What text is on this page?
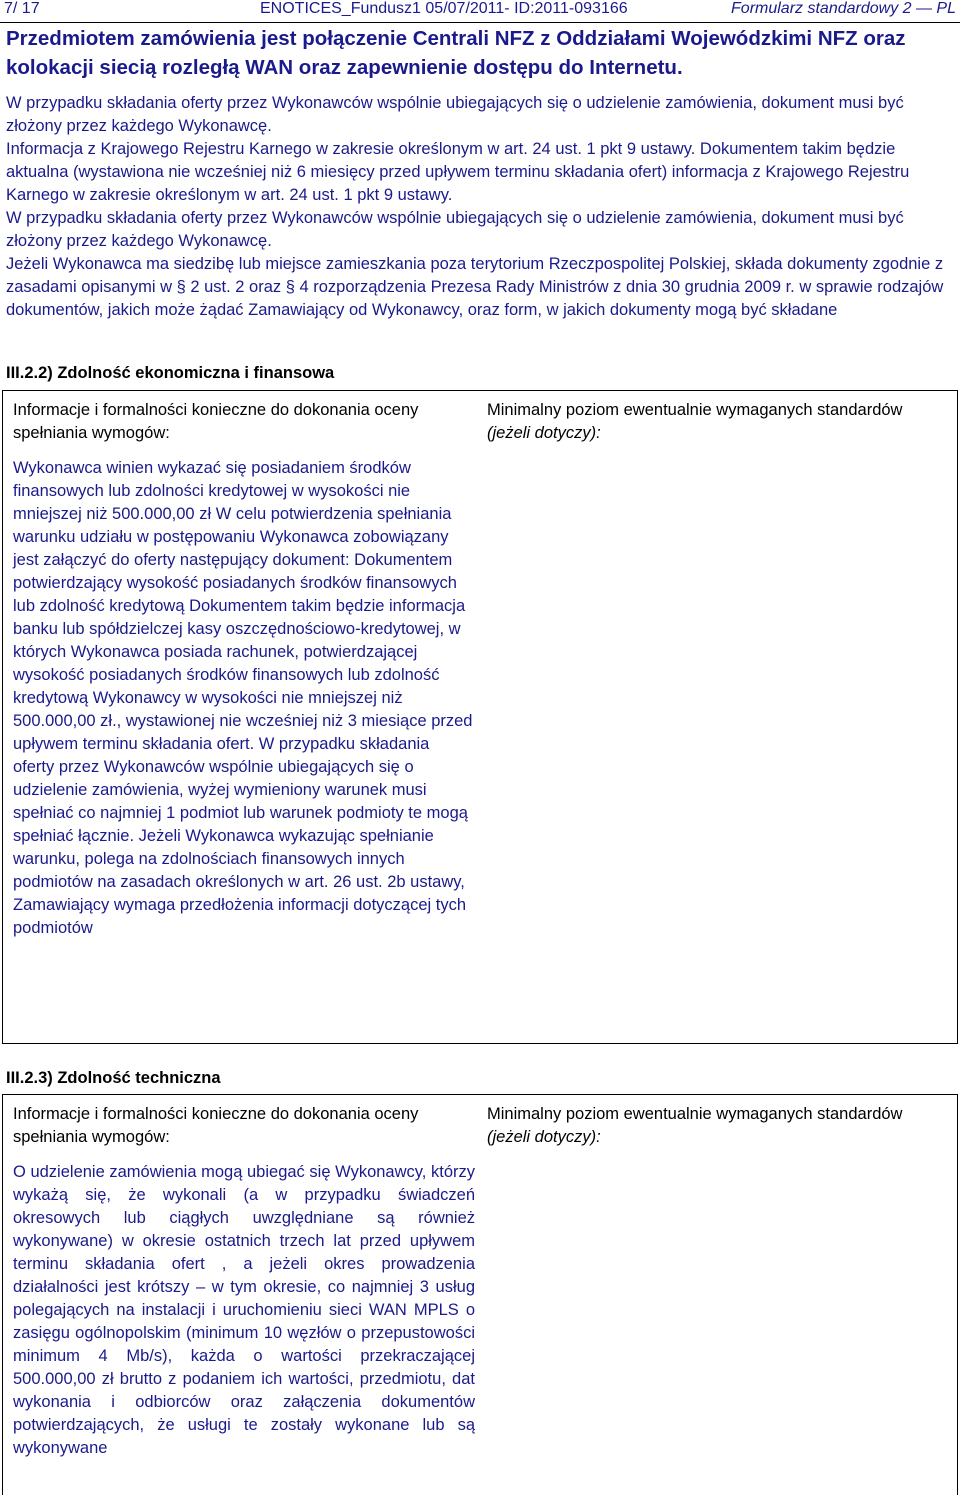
7/ 17	ENOTICES_Fundusz1 05/07/2011- ID:2011-093166	Formularz standardowy 2 — PL
Przedmiotem zamówienia jest połączenie Centrali NFZ z Oddziałami Wojewódzkimi NFZ oraz kolokacji siecią rozległą WAN oraz zapewnienie dostępu do Internetu.

W przypadku składania oferty przez Wykonawców wspólnie ubiegających się o udzielenie zamówienia, dokument musi być złożony przez każdego Wykonawcę.

Informacja z Krajowego Rejestru Karnego w zakresie określonym w art. 24 ust. 1 pkt 9 ustawy. Dokumentem takim będzie aktualna (wystawiona nie wcześniej niż 6 miesięcy przed upływem terminu składania ofert) informacja z Krajowego Rejestru Karnego w zakresie określonym w art. 24 ust. 1 pkt 9 ustawy.

W przypadku składania oferty przez Wykonawców wspólnie ubiegających się o udzielenie zamówienia, dokument musi być złożony przez każdego Wykonawcę.

Jeżeli Wykonawca ma siedzibę lub miejsce zamieszkania poza terytorium Rzeczpospolitej Polskiej, składa dokumenty zgodnie z zasadami opisanymi w § 2 ust. 2 oraz § 4 rozporządzenia Prezesa Rady Ministrów z dnia 30 grudnia 2009 r. w sprawie rodzajów dokumentów, jakich może żądać Zamawiający od Wykonawcy, oraz form, w jakich dokumenty mogą być składane

III.2.2) Zdolność ekonomiczna i finansowa
Informacje i formalności konieczne do dokonania oceny spełniania wymogów:
Wykonawca winien wykazać się posiadaniem środków finansowych lub zdolności kredytowej w wysokości nie mniejszej niż 500.000,00 zł W celu potwierdzenia spełniania warunku udziału w postępowaniu Wykonawca zobowiązany jest załączyć do oferty następujący dokument: Dokumentem potwierdzający wysokość posiadanych środków finansowych lub zdolność kredytową Dokumentem takim będzie informacja banku lub spółdzielczej kasy oszczędnościowo-kredytowej, w których Wykonawca posiada rachunek, potwierdzającej wysokość posiadanych środków finansowych lub zdolność kredytową Wykonawcy w wysokości nie mniejszej niż 500.000,00 zł., wystawionej nie wcześniej niż 3 miesiące przed upływem terminu składania ofert. W przypadku składania oferty przez Wykonawców wspólnie ubiegających się o udzielenie zamówienia, wyżej wymieniony warunek musi spełniać co najmniej 1 podmiot lub warunek podmioty te mogą spełniać łącznie. Jeżeli Wykonawca wykazując spełnianie warunku, polega na zdolnościach finansowych innych podmiotów na zasadach określonych w art. 26 ust. 2b ustawy, Zamawiający wymaga przedłożenia informacji dotyczącej tych podmiotów
Minimalny poziom ewentualnie wymaganych standardów
(jeżeli dotyczy):
III.2.3) Zdolność techniczna
Informacje i formalności konieczne do dokonania oceny spełniania wymogów:
O udzielenie zamówienia mogą ubiegać się Wykonawcy, którzy wykażą się, że wykonali (a w przypadku świadczeń okresowych lub ciągłych uwzględniane są również wykonywane) w okresie ostatnich trzech lat przed upływem terminu składania ofert , a jeżeli okres prowadzenia działalności jest krótszy – w tym okresie, co najmniej 3 usług polegających na instalacji i uruchomieniu sieci WAN MPLS o zasięgu ogólnopolskim (minimum 10 węzłów o przepustowości minimum 4 Mb/s), każda o wartości przekraczającej 500.000,00 zł brutto z podaniem ich wartości, przedmiotu, dat wykonania i odbiorców oraz załączenia dokumentów potwierdzających, że usługi te zostały wykonane lub są wykonywane
Minimalny poziom ewentualnie wymaganych standardów
(jeżeli dotyczy):
